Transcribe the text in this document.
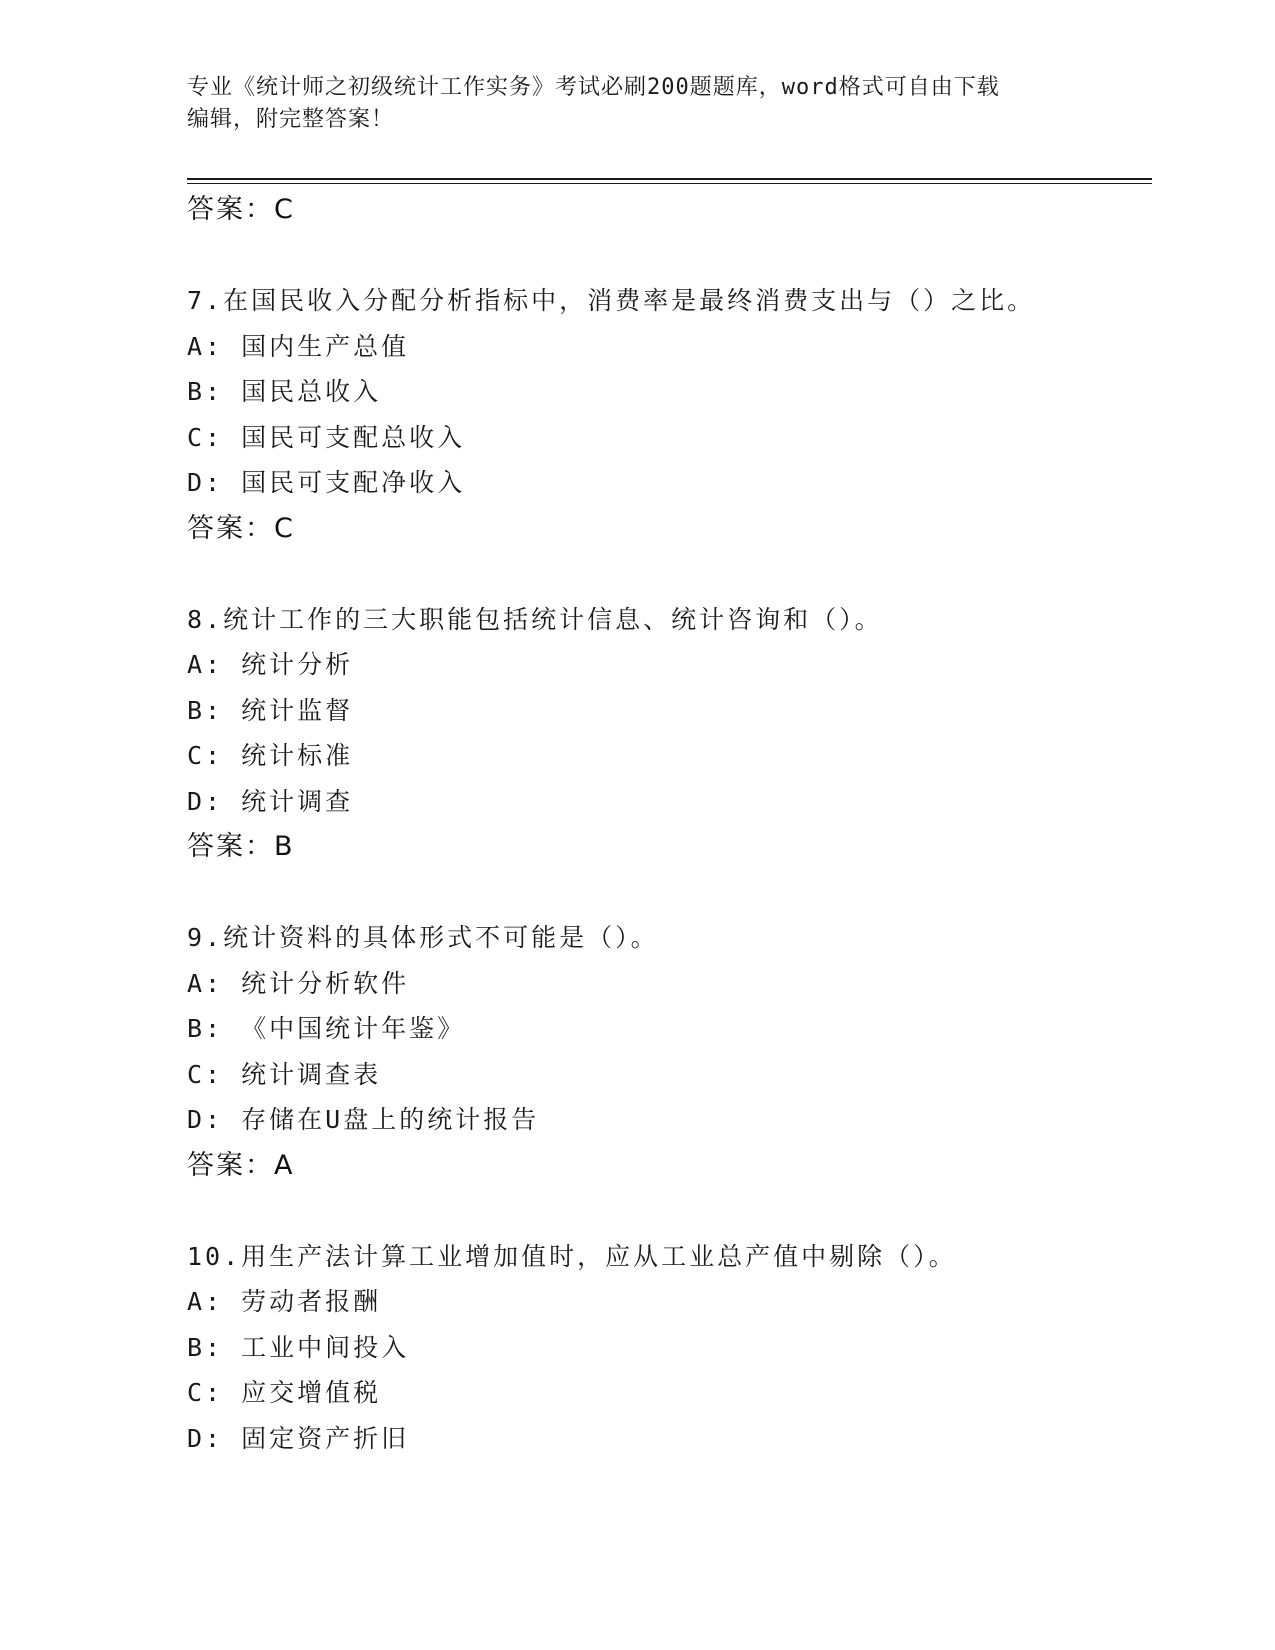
专业《统计师之初级统计工作实务》考试必刷200题题库，word格式可自由下载
编辑，附完整答案！
答案：C
7.在国民收入分配分析指标中，消费率是最终消费支出与（）之比。
A: 国内生产总值
B: 国民总收入
C: 国民可支配总收入
D: 国民可支配净收入
答案：C
8.统计工作的三大职能包括统计信息、统计咨询和（）。
A: 统计分析
B: 统计监督
C: 统计标准
D: 统计调查
答案：B
9.统计资料的具体形式不可能是（）。
A: 统计分析软件
B: 《中国统计年鉴》
C: 统计调查表
D: 存储在U盘上的统计报告
答案：A
10.用生产法计算工业增加值时，应从工业总产值中剔除（）。
A: 劳动者报酬
B: 工业中间投入
C: 应交增值税
D: 固定资产折旧
